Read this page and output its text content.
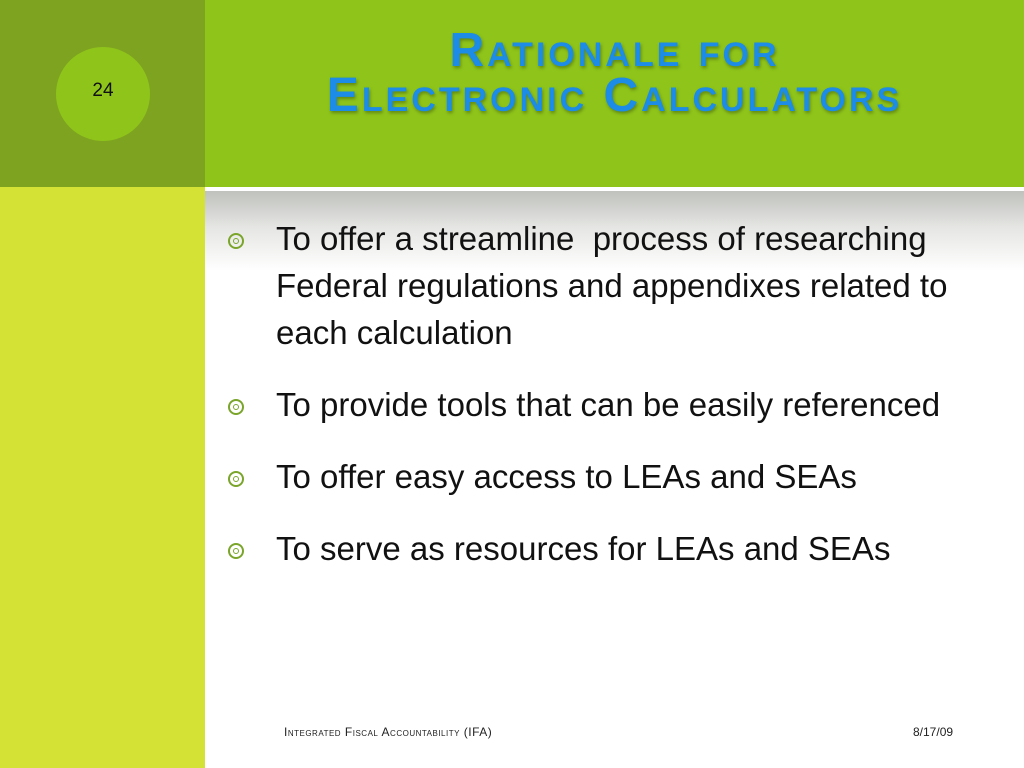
24
Rationale for
Electronic Calculators
To offer a streamline  process of researching Federal regulations and appendixes related to each calculation
To provide tools that can be easily referenced
To offer easy access to LEAs and SEAs
To serve as resources for LEAs and SEAs
Integrated Fiscal Accountability (IFA)	8/17/09
